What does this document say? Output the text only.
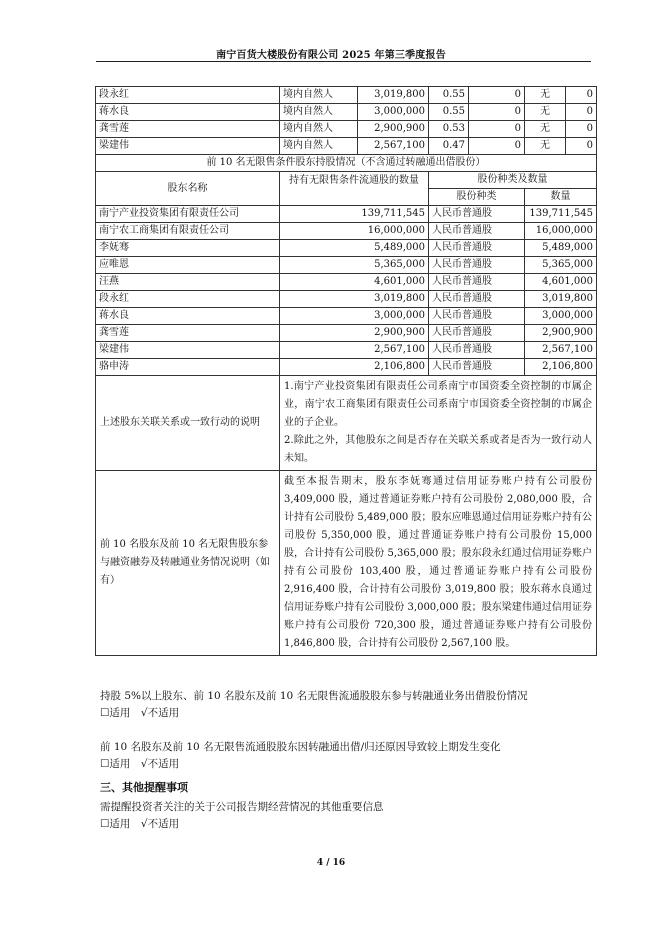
南宁百货大楼股份有限公司 2025 年第三季度报告
段永红	境内自然人	3,019,800	0.55	0	无	0
蒋水良	境内自然人	3,000,000	0.55	0	无	0
龚雪莲	境内自然人	2,900,900	0.53	0	无	0
梁建伟	境内自然人	2,567,100	0.47	0	无	0
前 10 名无限售条件股东持股情况（不含通过转融通出借股份）						
股东名称	持有无限售条件流通股的数量		股份种类及数量			
			股份种类		数量	
南宁产业投资集团有限责任公司	139,711,545		人民币普通股		139,711,545	
南宁农工商集团有限责任公司	16,000,000		人民币普通股		16,000,000	
李妩骞	5,489,000		人民币普通股		5,489,000	
应唯恩	5,365,000		人民币普通股		5,365,000	
汪燕	4,601,000		人民币普通股		4,601,000	
段永红	3,019,800		人民币普通股		3,019,800	
蒋水良	3,000,000		人民币普通股		3,000,000	
龚雪莲	2,900,900		人民币普通股		2,900,900	
梁建伟	2,567,100		人民币普通股		2,567,100	
骆申涛	2,106,800		人民币普通股		2,106,800	
上述股东关联关系或一致行动的说明	1.南宁产业投资集团有限责任公司系南宁市国资委全资控制的市属企业，南宁农工商集团有限责任公司系南宁市国资委全资控制的市属企业的子企业。
2.除此之外，其他股东之间是否存在关联关系或者是否为一致行动人未知。					

前 10 名股东及前 10 名无限售股东参与融资融券及转融通业务情况说明（如有）	截至本报告期末，股东李妩骞通过信用证券账户持有公司股份 3,409,000 股，通过普通证券账户持有公司股份 2,080,000 股，合计持有公司股份 5,489,000 股；股东应唯恩通过信用证券账户持有公司股份 5,350,000 股，通过普通证券账户持有公司股份 15,000 股，合计持有公司股份 5,365,000 股；股东段永红通过信用证券账户持有公司股份 103,400 股，通过普通证券账户持有公司股份 2,916,400 股，合计持有公司股份 3,019,800 股；股东蒋水良通过信用证券账户持有公司股份 3,000,000 股；股东梁建伟通过信用证券账户持有公司股份 720,300 股，通过普通证券账户持有公司股份 1,846,800 股，合计持有公司股份 2,567,100 股。					
持股 5%以上股东、前 10 名股东及前 10 名无限售流通股股东参与转融通业务出借股份情况
☐适用　√不适用
前 10 名股东及前 10 名无限售流通股股东因转融通出借/归还原因导致较上期发生变化
☐适用　√不适用
三、其他提醒事项
需提醒投资者关注的关于公司报告期经营情况的其他重要信息
☐适用　√不适用
4 / 16
